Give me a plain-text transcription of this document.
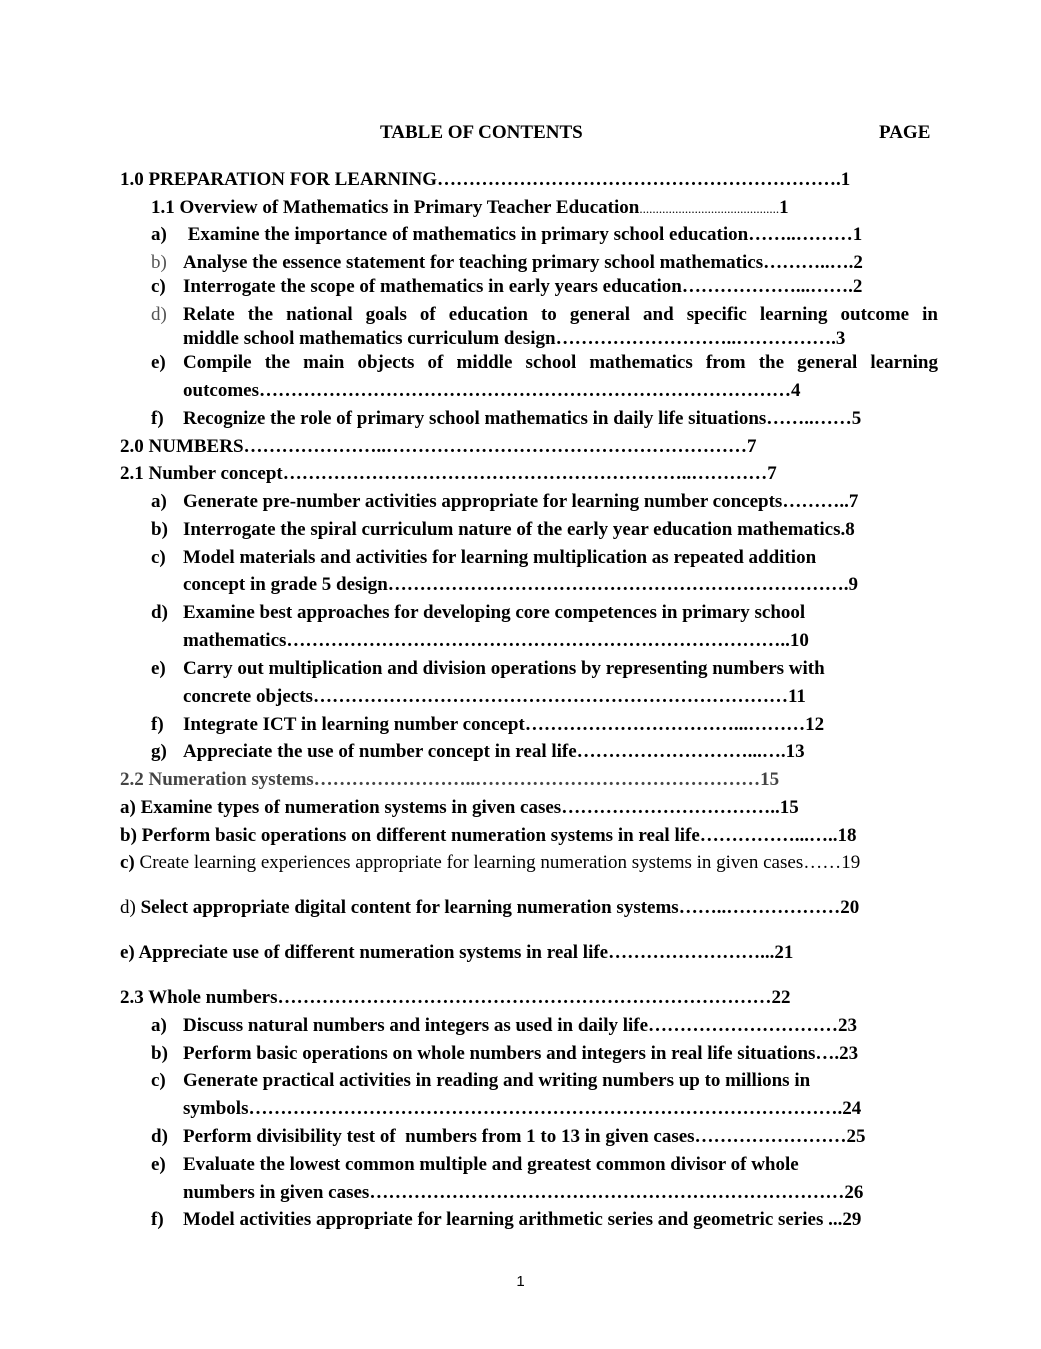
TABLE OF CONTENTS	PAGE
1.0 PREPARATION FOR LEARNING……………………………………………………….1
1.1 Overview of Mathematics in Primary Teacher Education...........................................1
a) Examine the importance of mathematics in primary school education……..………1
b) Analyse the essence statement for teaching primary school mathematics………..….2
c) Interrogate the scope of mathematics in early years education………………...…….2
d) Relate the national goals of education to general and specific learning outcome in
middle school mathematics curriculum design………………………..…………….3
e) Compile the main objects of middle school mathematics from the general learning
outcomes…………………………………………………………………………4
f)	Recognize the role of primary school mathematics in daily life situations……..……5
2.0 NUMBERS…………………..…………………………………………………7
2.1 Number concept………………………………………………………..…………7
a) Generate pre-number activities appropriate for learning number concepts………..7
b) Interrogate the spiral curriculum nature of the early year education mathematics.8
c) Model materials and activities for learning multiplication as repeated addition
concept in grade 5 design……………………………………………………………….9
d) Examine best approaches for developing core competences in primary school
mathematics……………………………………………………………………..10
e) Carry out multiplication and division operations by representing numbers with
concrete objects…………………………………………………………………11
f)	Integrate ICT in learning number concept……………………………...………12
g) Appreciate the use of number concept in real life………………………...….13
2.2 Numeration systems……………………..………………………………………15
a) Examine types of numeration systems in given cases……………………………..15
b) Perform basic operations on different numeration systems in real life……………...…..18
c) Create learning experiences appropriate for learning numeration systems in given cases……19
d) Select appropriate digital content for learning numeration systems……..………………20
e) Appreciate use of different numeration systems in real life……………………...21
2.3 Whole numbers……………………………………………………………………22
a) Discuss natural numbers and integers as used in daily life…………………………23
b) Perform basic operations on whole numbers and integers in real life situations….23
c) Generate practical activities in reading and writing numbers up to millions in
symbols………………………………………………………………………………….24
d) Perform divisibility test of  numbers from 1 to 13 in given cases……………………25
e) Evaluate the lowest common multiple and greatest common divisor of whole
numbers in given cases…………………………………………………………………26
f)	Model activities appropriate for learning arithmetic series and geometric series ...29
1
